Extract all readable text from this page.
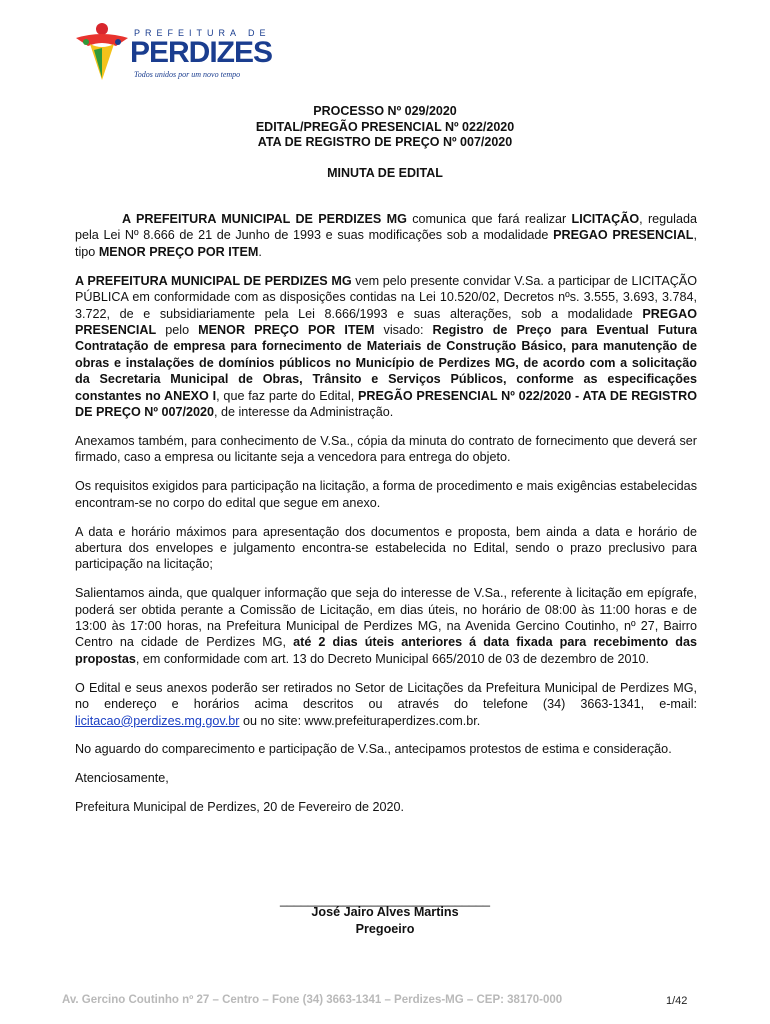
PREFEITURA DE
PERDIZES
Todos unidos por um novo tempo
PROCESSO Nº 029/2020
EDITAL/PREGÃO PRESENCIAL Nº 022/2020
ATA DE REGISTRO DE PREÇO Nº 007/2020
MINUTA DE EDITAL

A PREFEITURA MUNICIPAL DE PERDIZES MG comunica que fará realizar LICITAÇÃO, regulada pela Lei Nº 8.666 de 21 de Junho de 1993 e suas modificações sob a modalidade PREGAO PRESENCIAL, tipo MENOR PREÇO POR ITEM.

A PREFEITURA MUNICIPAL DE PERDIZES MG vem pelo presente convidar V.Sa. a participar de LICITAÇÃO PÚBLICA em conformidade com as disposições contidas na Lei 10.520/02, Decretos nºs. 3.555, 3.693, 3.784, 3.722, de e subsidiariamente pela Lei 8.666/1993 e suas alterações, sob a modalidade PREGAO PRESENCIAL pelo MENOR PREÇO POR ITEM visado: Registro de Preço para Eventual Futura Contratação de empresa para fornecimento de Materiais de Construção Básico, para manutenção de obras e instalações de domínios públicos no Município de Perdizes MG, de acordo com a solicitação da Secretaria Municipal de Obras, Trânsito e Serviços Públicos, conforme as especificações constantes no ANEXO I, que faz parte do Edital, PREGÃO PRESENCIAL Nº 022/2020 - ATA DE REGISTRO DE PREÇO Nº 007/2020, de interesse da Administração.

Anexamos também, para conhecimento de V.Sa., cópia da minuta do contrato de fornecimento que deverá ser firmado, caso a empresa ou licitante seja a vencedora para entrega do objeto.

Os requisitos exigidos para participação na licitação, a forma de procedimento e mais exigências estabelecidas encontram-se no corpo do edital que segue em anexo.

A data e horário máximos para apresentação dos documentos e proposta, bem ainda a data e horário de abertura dos envelopes e julgamento encontra-se estabelecida no Edital, sendo o prazo preclusivo para participação na licitação;

Salientamos ainda, que qualquer informação que seja do interesse de V.Sa., referente à licitação em epígrafe, poderá ser obtida perante a Comissão de Licitação, em dias úteis, no horário de 08:00 às 11:00 horas e de 13:00 às 17:00 horas, na Prefeitura Municipal de Perdizes MG, na Avenida Gercino Coutinho, nº 27, Bairro Centro na cidade de Perdizes MG, até 2 dias úteis anteriores á data fixada para recebimento das propostas, em conformidade com art. 13 do Decreto Municipal 665/2010 de 03 de dezembro de 2010.

O Edital e seus anexos poderão ser retirados no Setor de Licitações da Prefeitura Municipal de Perdizes MG, no endereço e horários acima descritos ou através do telefone (34) 3663-1341, e-mail: licitacao@perdizes.mg.gov.br ou no site: www.prefeituraperdizes.com.br.

No aguardo do comparecimento e participação de V.Sa., antecipamos protestos de estima e consideração.

Atenciosamente,

Prefeitura Municipal de Perdizes, 20 de Fevereiro de 2020.

______________________________
José Jairo Alves Martins
Pregoeiro
Av. Gercino Coutinho nº 27 – Centro – Fone (34) 3663-1341 – Perdizes-MG – CEP: 38170-000	1/42
